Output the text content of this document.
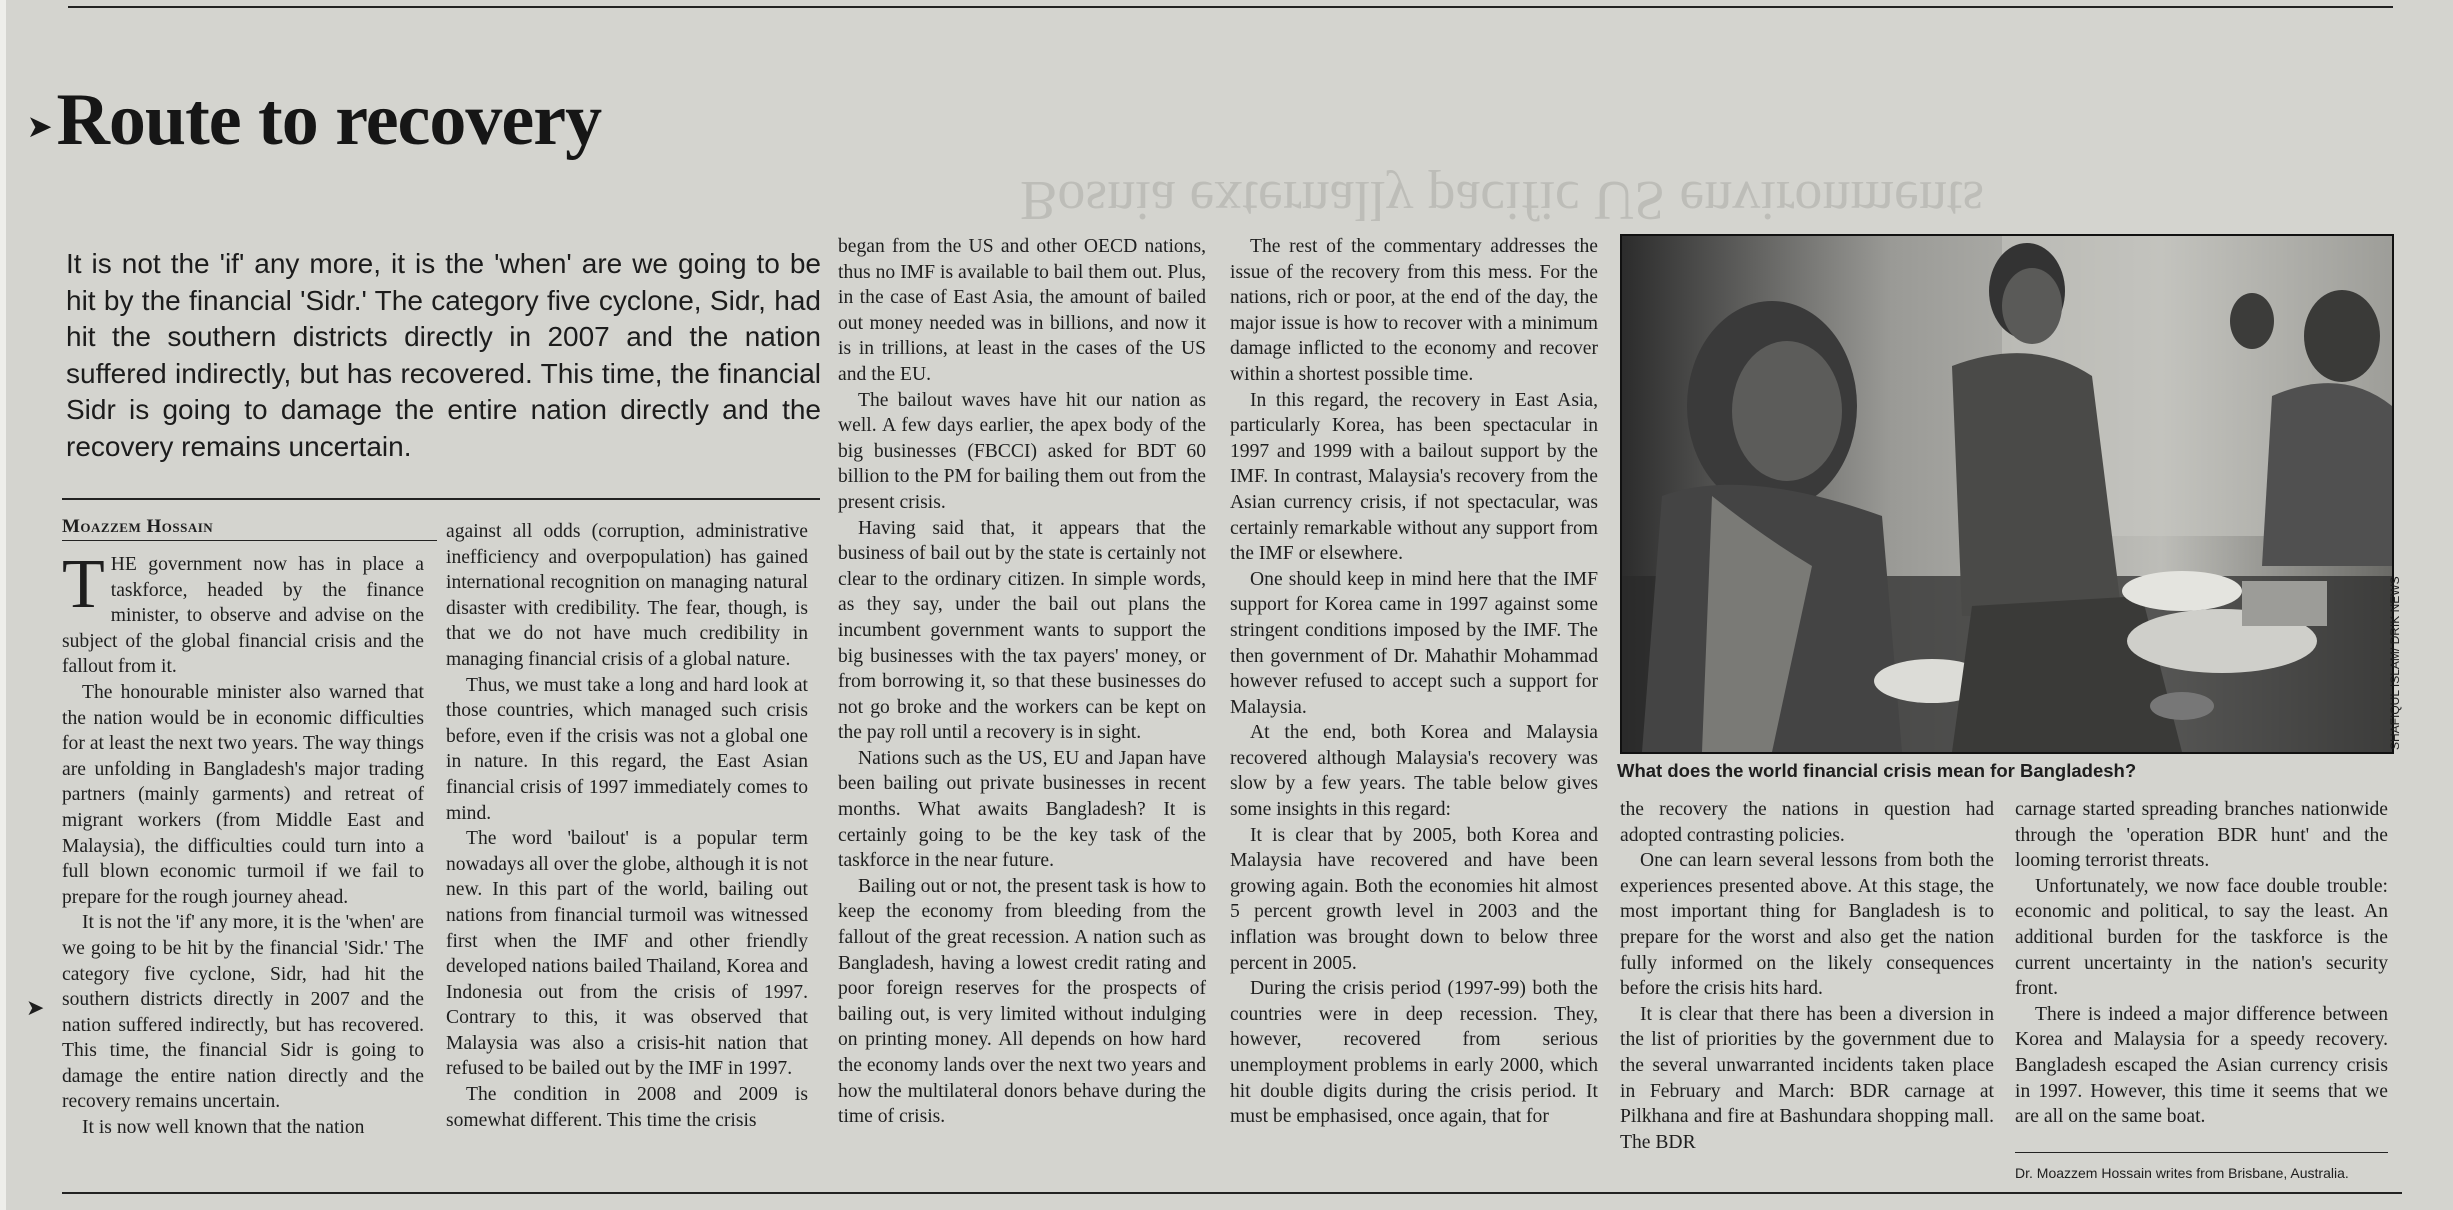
Bosnia externally pacific US environments
➤Route to recovery
It is not the 'if' any more, it is the 'when' are we going to be hit by the financial 'Sidr.' The category five cyclone, Sidr, had hit the southern districts directly in 2007 and the nation suffered indirectly, but has recovered. This time, the financial Sidr is going to damage the entire nation directly and the recovery remains uncertain.
Moazzem Hossain

THE government now has in place a taskforce, headed by the finance minister, to observe and advise on the subject of the global financial crisis and the fallout from it.

The honourable minister also warned that the nation would be in economic difficulties for at least the next two years. The way things are unfolding in Bangladesh's major trading partners (mainly garments) and retreat of migrant workers (from Middle East and Malaysia), the difficulties could turn into a full blown economic turmoil if we fail to prepare for the rough journey ahead.

It is not the 'if' any more, it is the 'when' are we going to be hit by the financial 'Sidr.' The category five cyclone, Sidr, had hit the southern districts directly in 2007 and the nation suffered indirectly, but has recovered. This time, the financial Sidr is going to damage the entire nation directly and the recovery remains uncertain.

It is now well known that the nation

against all odds (corruption, administrative inefficiency and overpopulation) has gained international recognition on managing natural disaster with credibility. The fear, though, is that we do not have much credibility in managing financial crisis of a global nature.

Thus, we must take a long and hard look at those countries, which managed such crisis before, even if the crisis was not a global one in nature. In this regard, the East Asian financial crisis of 1997 immediately comes to mind.

The word 'bailout' is a popular term nowadays all over the globe, although it is not new. In this part of the world, bailing out nations from financial turmoil was witnessed first when the IMF and other friendly developed nations bailed Thailand, Korea and Indonesia out from the crisis of 1997. Contrary to this, it was observed that Malaysia was also a crisis-hit nation that refused to be bailed out by the IMF in 1997.

The condition in 2008 and 2009 is somewhat different. This time the crisis

began from the US and other OECD nations, thus no IMF is available to bail them out. Plus, in the case of East Asia, the amount of bailed out money needed was in billions, and now it is in trillions, at least in the cases of the US and the EU.

The bailout waves have hit our nation as well. A few days earlier, the apex body of the big businesses (FBCCI) asked for BDT 60 billion to the PM for bailing them out from the present crisis.

Having said that, it appears that the business of bail out by the state is certainly not clear to the ordinary citizen. In simple words, as they say, under the bail out plans the incumbent government wants to support the big businesses with the tax payers' money, or from borrowing it, so that these businesses do not go broke and the workers can be kept on the pay roll until a recovery is in sight.

Nations such as the US, EU and Japan have been bailing out private businesses in recent months. What awaits Bangladesh? It is certainly going to be the key task of the taskforce in the near future.

Bailing out or not, the present task is how to keep the economy from bleeding from the fallout of the great recession. A nation such as Bangladesh, having a lowest credit rating and poor foreign reserves for the prospects of bailing out, is very limited without indulging on printing money. All depends on how hard the economy lands over the next two years and how the multilateral donors behave during the time of crisis.

The rest of the commentary addresses the issue of the recovery from this mess. For the nations, rich or poor, at the end of the day, the major issue is how to recover with a minimum damage inflicted to the economy and recover within a shortest possible time.

In this regard, the recovery in East Asia, particularly Korea, has been spectacular in 1997 and 1999 with a bailout support by the IMF. In contrast, Malaysia's recovery from the Asian currency crisis, if not spectacular, was certainly remarkable without any support from the IMF or elsewhere.

One should keep in mind here that the IMF support for Korea came in 1997 against some stringent conditions imposed by the IMF. The then government of Dr. Mahathir Mohammad however refused to accept such a support for Malaysia.

At the end, both Korea and Malaysia recovered although Malaysia's recovery was slow by a few years. The table below gives some insights in this regard:

It is clear that by 2005, both Korea and Malaysia have recovered and have been growing again. Both the economies hit almost 5 percent growth level in 2003 and the inflation was brought down to below three percent in 2005.

During the crisis period (1997-99) both the countries were in deep recession. They, however, recovered from serious unemployment problems in early 2000, which hit double digits during the crisis period. It must be emphasised, once again, that for

SHAFIQUL ISLAM/ DRIK NEWS
What does the world financial crisis mean for Bangladesh?

the recovery the nations in question had adopted contrasting policies.

One can learn several lessons from both the experiences presented above. At this stage, the most important thing for Bangladesh is to prepare for the worst and also get the nation fully informed on the likely consequences before the crisis hits hard.

It is clear that there has been a diversion in the list of priorities by the government due to the several unwarranted incidents taken place in February and March: BDR carnage at Pilkhana and fire at Bashundara shopping mall. The BDR

carnage started spreading branches nationwide through the 'operation BDR hunt' and the looming terrorist threats.

Unfortunately, we now face double trouble: economic and political, to say the least. An additional burden for the taskforce is the current uncertainty in the nation's security front.

There is indeed a major difference between Korea and Malaysia for a speedy recovery. Bangladesh escaped the Asian currency crisis in 1997. However, this time it seems that we are all on the same boat.

Dr. Moazzem Hossain writes from Brisbane, Australia.
➤
